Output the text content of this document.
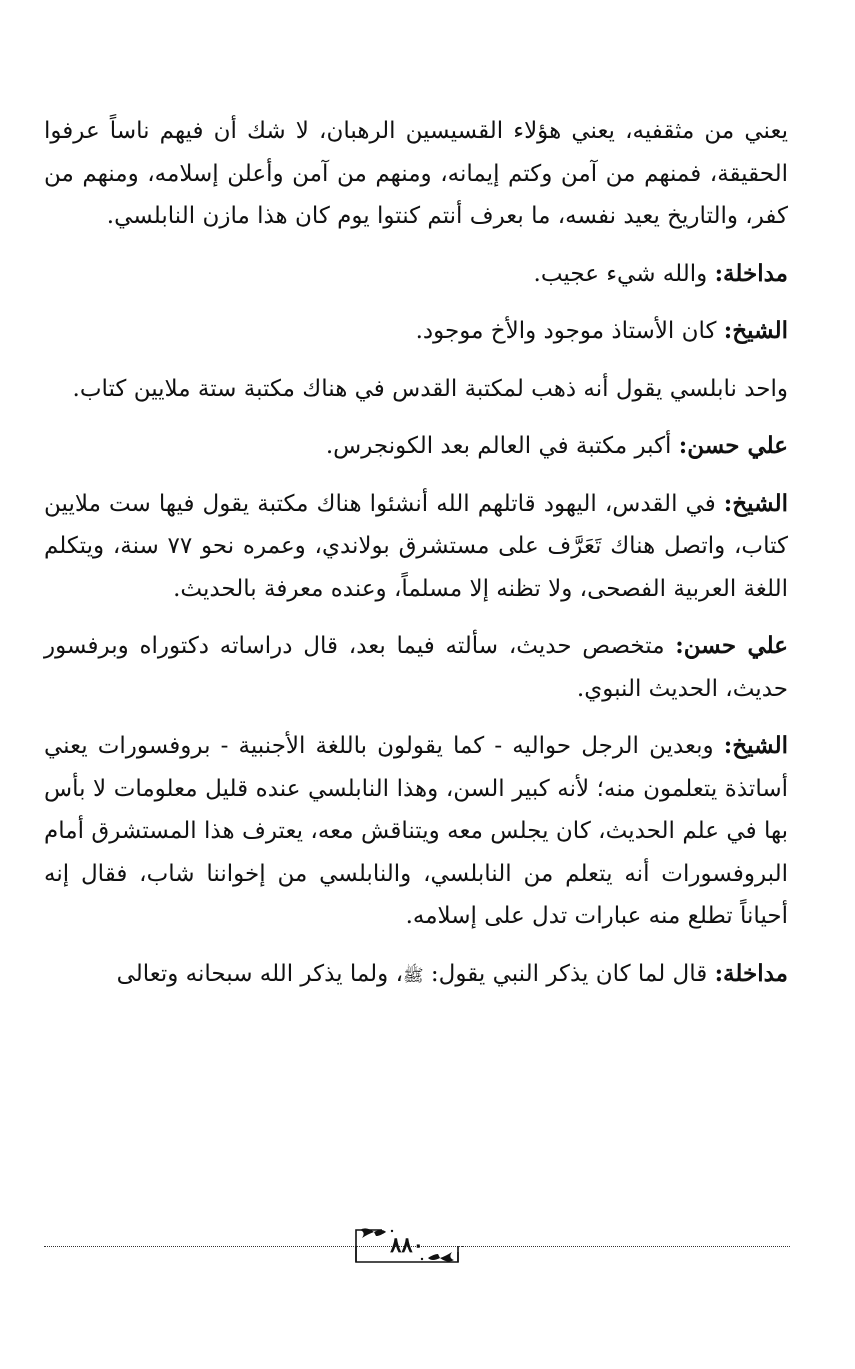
يعني من مثقفيه، يعني هؤلاء القسيسين الرهبان، لا شك أن فيهم ناساً عرفوا الحقيقة، فمنهم من آمن وكتم إيمانه، ومنهم من آمن وأعلن إسلامه، ومنهم من كفر، والتاريخ يعيد نفسه، ما بعرف أنتم كنتوا يوم كان هذا مازن النابلسي.

مداخلة: والله شيء عجيب.

الشيخ: كان الأستاذ موجود والأخ موجود.

واحد نابلسي يقول أنه ذهب لمكتبة القدس في هناك مكتبة ستة ملايين كتاب.

علي حسن: أكبر مكتبة في العالم بعد الكونجرس.

الشيخ: في القدس، اليهود قاتلهم الله أنشئوا هناك مكتبة يقول فيها ست ملايين كتاب، واتصل هناك تَعَرَّف على مستشرق بولاندي، وعمره نحو ٧٧ سنة، ويتكلم اللغة العربية الفصحى، ولا تظنه إلا مسلماً، وعنده معرفة بالحديث.

علي حسن: متخصص حديث، سألته فيما بعد، قال دراساته دكتوراه وبرفسور حديث، الحديث النبوي.

الشيخ: وبعدين الرجل حواليه - كما يقولون باللغة الأجنبية - بروفسورات يعني أساتذة يتعلمون منه؛ لأنه كبير السن، وهذا النابلسي عنده قليل معلومات لا بأس بها في علم الحديث، كان يجلس معه ويتناقش معه، يعترف هذا المستشرق أمام البروفسورات أنه يتعلم من النابلسي، والنابلسي من إخواننا شاب، فقال إنه أحياناً تطلع منه عبارات تدل على إسلامه.

مداخلة: قال لما كان يذكر النبي يقول: ﷺ، ولما يذكر الله سبحانه وتعالى

٨٨٠
